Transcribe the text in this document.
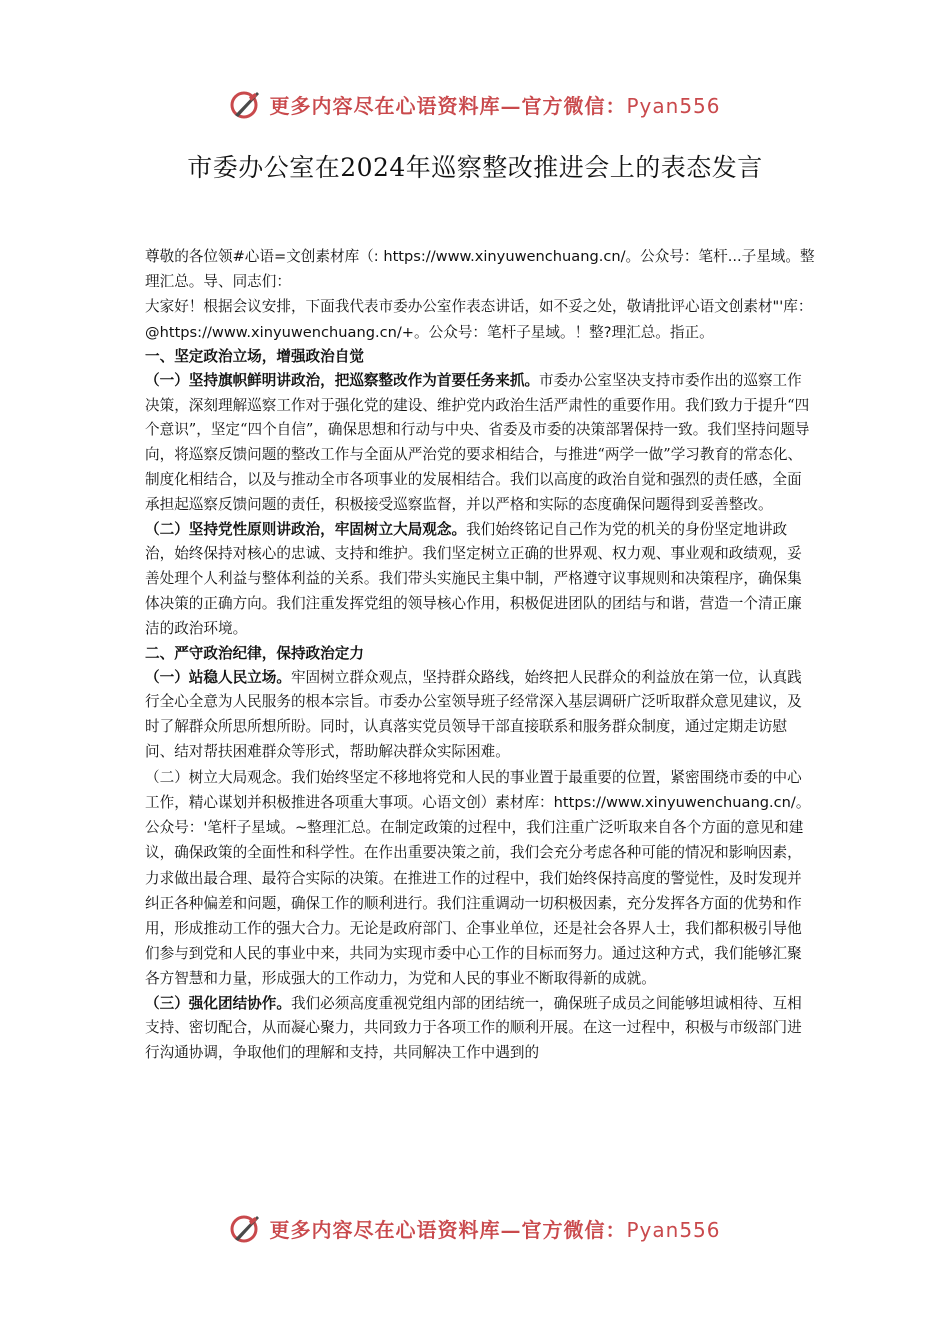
更多内容尽在心语资料库—官方微信：Pyan556
市委办公室在2024年巡察整改推进会上的表态发言

尊敬的各位领#心语=文创素材库（: https://www.xinyuwenchuang.cn/。公众号：笔杆...子星域。整理汇总。导、同志们：

大家好！根据会议安排，下面我代表市委办公室作表态讲话，如不妥之处，敬请批评心语文创素材"'库：@https://www.xinyuwenchuang.cn/+。公众号：笔杆子星域。！整?理汇总。指正。

一、坚定政治立场，增强政治自觉

（一）坚持旗帜鲜明讲政治，把巡察整改作为首要任务来抓。市委办公室坚决支持市委作出的巡察工作决策，深刻理解巡察工作对于强化党的建设、维护党内政治生活严肃性的重要作用。我们致力于提升“四个意识”，坚定“四个自信”，确保思想和行动与中央、省委及市委的决策部署保持一致。我们坚持问题导向，将巡察反馈问题的整改工作与全面从严治党的要求相结合，与推进“两学一做”学习教育的常态化、制度化相结合，以及与推动全市各项事业的发展相结合。我们以高度的政治自觉和强烈的责任感，全面承担起巡察反馈问题的责任，积极接受巡察监督，并以严格和实际的态度确保问题得到妥善整改。

（二）坚持党性原则讲政治，牢固树立大局观念。我们始终铭记自己作为党的机关的身份坚定地讲政治，始终保持对核心的忠诚、支持和维护。我们坚定树立正确的世界观、权力观、事业观和政绩观，妥善处理个人利益与整体利益的关系。我们带头实施民主集中制，严格遵守议事规则和决策程序，确保集体决策的正确方向。我们注重发挥党组的领导核心作用，积极促进团队的团结与和谐，营造一个清正廉洁的政治环境。

二、严守政治纪律，保持政治定力

（一）站稳人民立场。牢固树立群众观点，坚持群众路线，始终把人民群众的利益放在第一位，认真践行全心全意为人民服务的根本宗旨。市委办公室领导班子经常深入基层调研广泛听取群众意见建议，及时了解群众所思所想所盼。同时，认真落实党员领导干部直接联系和服务群众制度，通过定期走访慰问、结对帮扶困难群众等形式，帮助解决群众实际困难。

（二）树立大局观念。我们始终坚定不移地将党和人民的事业置于最重要的位置，紧密围绕市委的中心工作，精心谋划并积极推进各项重大事项。心语文创）素材库：https://www.xinyuwenchuang.cn/。公众号：'笔杆子星域。~整理汇总。在制定政策的过程中，我们注重广泛听取来自各个方面的意见和建议，确保政策的全面性和科学性。在作出重要决策之前，我们会充分考虑各种可能的情况和影响因素，力求做出最合理、最符合实际的决策。在推进工作的过程中，我们始终保持高度的警觉性，及时发现并纠正各种偏差和问题，确保工作的顺利进行。我们注重调动一切积极因素，充分发挥各方面的优势和作用，形成推动工作的强大合力。无论是政府部门、企事业单位，还是社会各界人士，我们都积极引导他们参与到党和人民的事业中来，共同为实现市委中心工作的目标而努力。通过这种方式，我们能够汇聚各方智慧和力量，形成强大的工作动力，为党和人民的事业不断取得新的成就。

（三）强化团结协作。我们必须高度重视党组内部的团结统一，确保班子成员之间能够坦诚相待、互相支持、密切配合，从而凝心聚力，共同致力于各项工作的顺利开展。在这一过程中，积极与市级部门进行沟通协调，争取他们的理解和支持，共同解决工作中遇到的

更多内容尽在心语资料库—官方微信：Pyan556
